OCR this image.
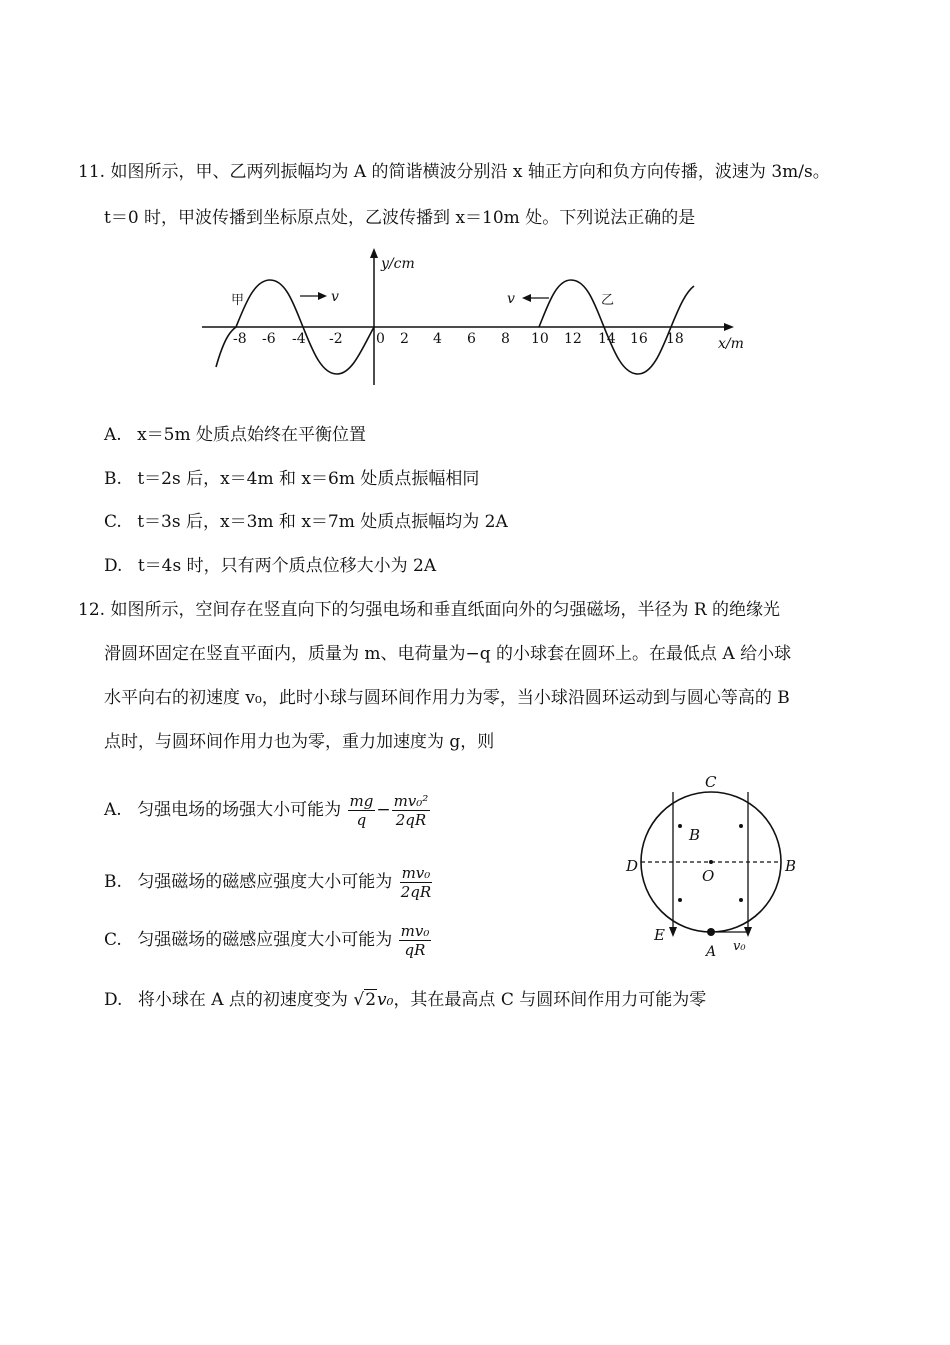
11. 如图所示，甲、乙两列振幅均为 A 的简谐横波分别沿 x 轴正方向和负方向传播，波速为 3m/s。
t＝0 时，甲波传播到坐标原点处，乙波传播到 x＝10m 处。下列说法正确的是
y/cm
x/m
-8 -6 -4 -2 0 2 4 6 8 10 12 14 16 18
甲	v	乙
v
A. x＝5m 处质点始终在平衡位置
B. t＝2s 后，x＝4m 和 x＝6m 处质点振幅相同
C. t＝3s 后，x＝3m 和 x＝7m 处质点振幅均为 2A
D. t＝4s 时，只有两个质点位移大小为 2A
12. 如图所示，空间存在竖直向下的匀强电场和垂直纸面向外的匀强磁场，半径为 R 的绝缘光
滑圆环固定在竖直平面内，质量为 m、电荷量为−q 的小球套在圆环上。在最低点 A 给小球
水平向右的初速度 v₀，此时小球与圆环间作用力为零，当小球沿圆环运动到与圆心等高的 B
点时，与圆环间作用力也为零，重力加速度为 g，则
A. 匀强电场的场强大小可能为 $\frac{mg}{q} - \frac{\text{mv₀²}}{2qR}$
B. 匀强磁场的磁感应强度大小可能为 $\frac{\text{mv₀}}{2qR}$
C. 匀强磁场的磁感应强度大小可能为 $\frac{\text{mv₀}}{qR}$
D. 将小球在 A 点的初速度变为 √2v₀，其在最高点 C 与圆环间作用力可能为零
C
B
D
O
B
E
A v₀
